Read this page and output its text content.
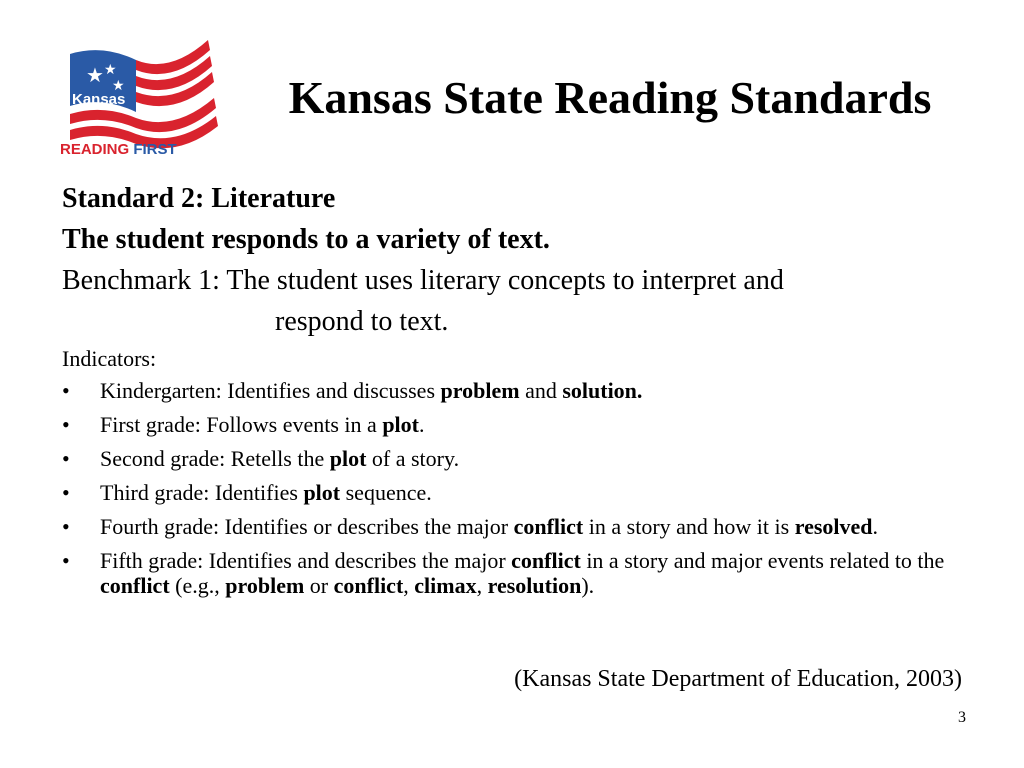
★ ★
★
Kansas
READING FIRST
Kansas State Reading Standards

Standard 2: Literature

The student responds to a variety of text.

Benchmark 1: The student uses literary concepts to interpret and

respond to text.

Indicators:

• Kindergarten: Identifies and discusses problem and solution.
• First grade: Follows events in a plot.
• Second grade: Retells the plot of a story.
• Third grade: Identifies plot sequence.
• Fourth grade: Identifies or describes the major conflict in a story and how it is resolved.
• Fifth grade: Identifies and describes the major conflict in a story and major events related to the conflict (e.g., problem or conflict, climax, resolution).

(Kansas State Department of Education, 2003)

3
